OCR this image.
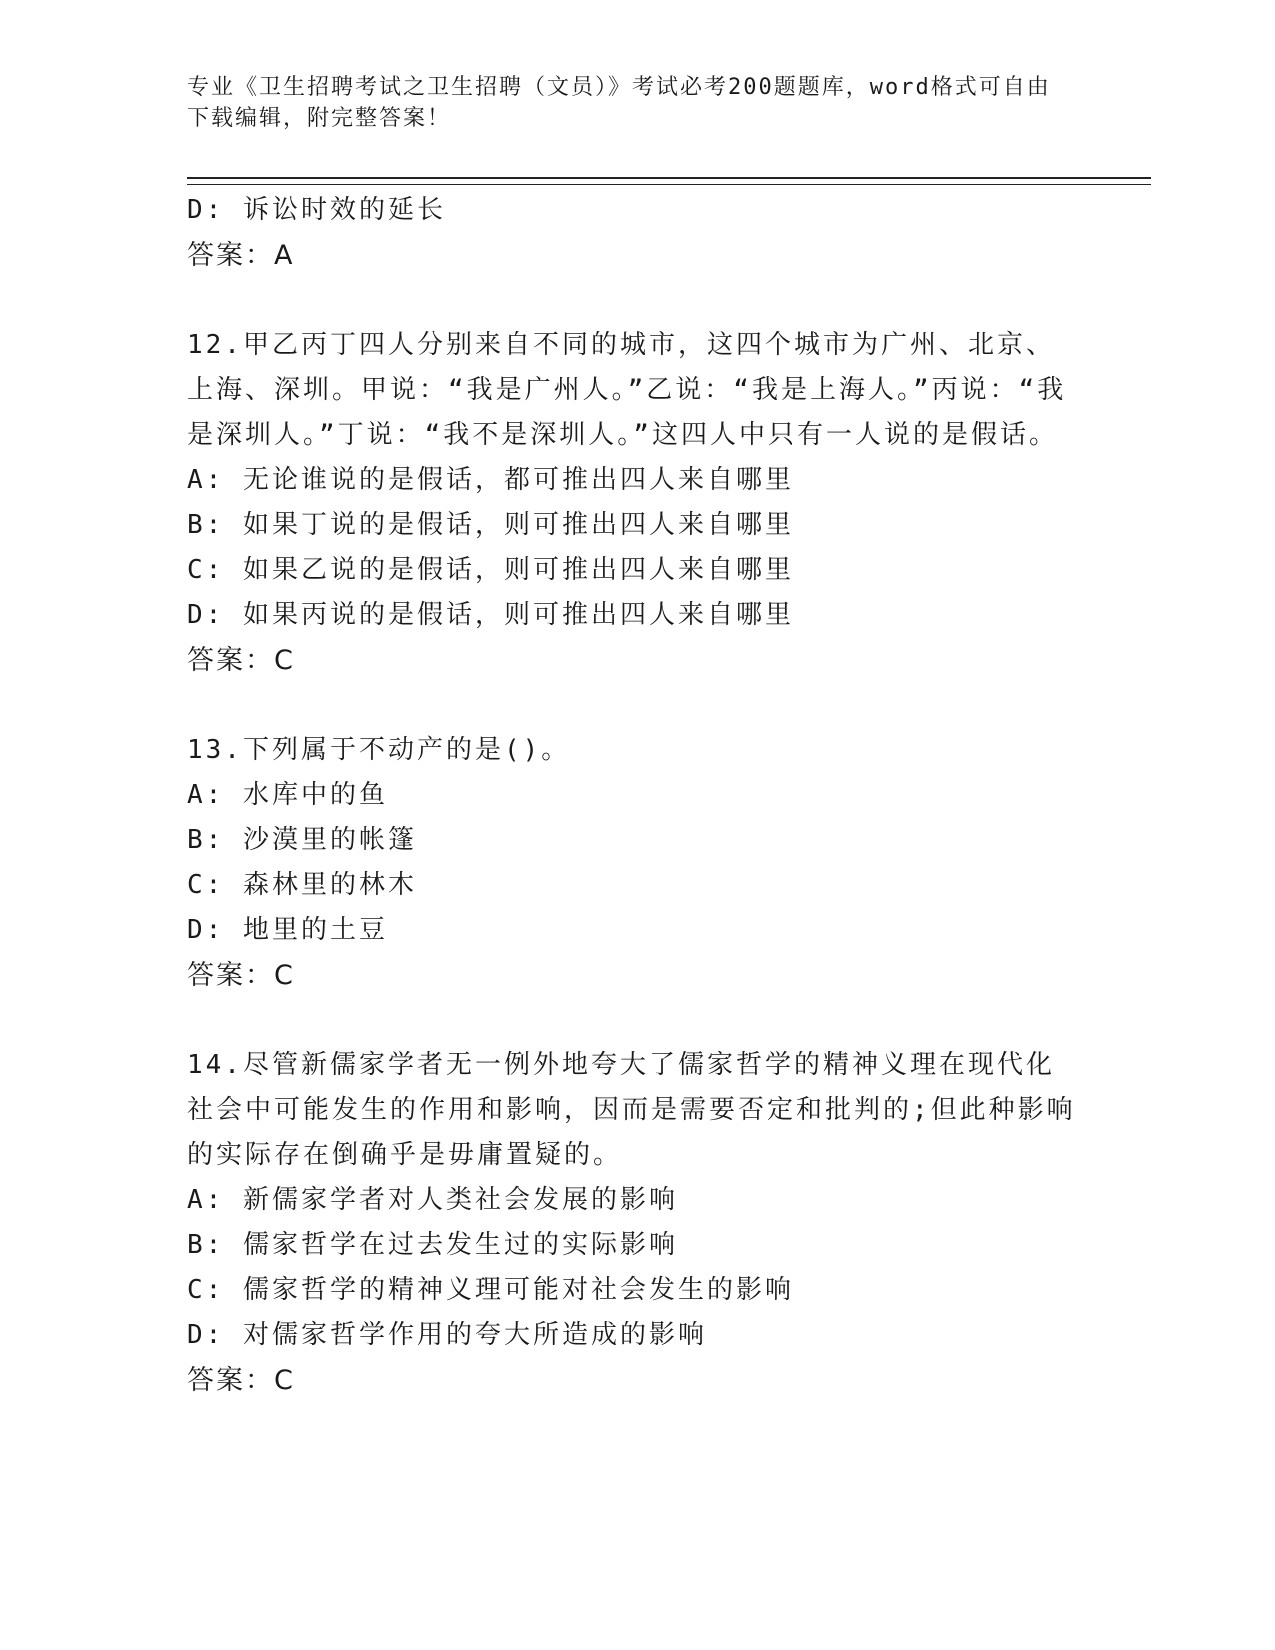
专业《卫生招聘考试之卫生招聘（文员）》考试必考200题题库，word格式可自由下载编辑，附完整答案！
D: 诉讼时效的延长
答案：A
12.甲乙丙丁四人分别来自不同的城市，这四个城市为广州、北京、上海、深圳。甲说：“我是广州人。”乙说：“我是上海人。”丙说：“我是深圳人。”丁说：“我不是深圳人。”这四人中只有一人说的是假话。
A: 无论谁说的是假话，都可推出四人来自哪里
B: 如果丁说的是假话，则可推出四人来自哪里
C: 如果乙说的是假话，则可推出四人来自哪里
D: 如果丙说的是假话，则可推出四人来自哪里
答案：C
13.下列属于不动产的是()。
A: 水库中的鱼
B: 沙漠里的帐篷
C: 森林里的林木
D: 地里的土豆
答案：C
14.尽管新儒家学者无一例外地夸大了儒家哲学的精神义理在现代化社会中可能发生的作用和影响，因而是需要否定和批判的;但此种影响的实际存在倒确乎是毋庸置疑的。
A: 新儒家学者对人类社会发展的影响
B: 儒家哲学在过去发生过的实际影响
C: 儒家哲学的精神义理可能对社会发生的影响
D: 对儒家哲学作用的夸大所造成的影响
答案：C
